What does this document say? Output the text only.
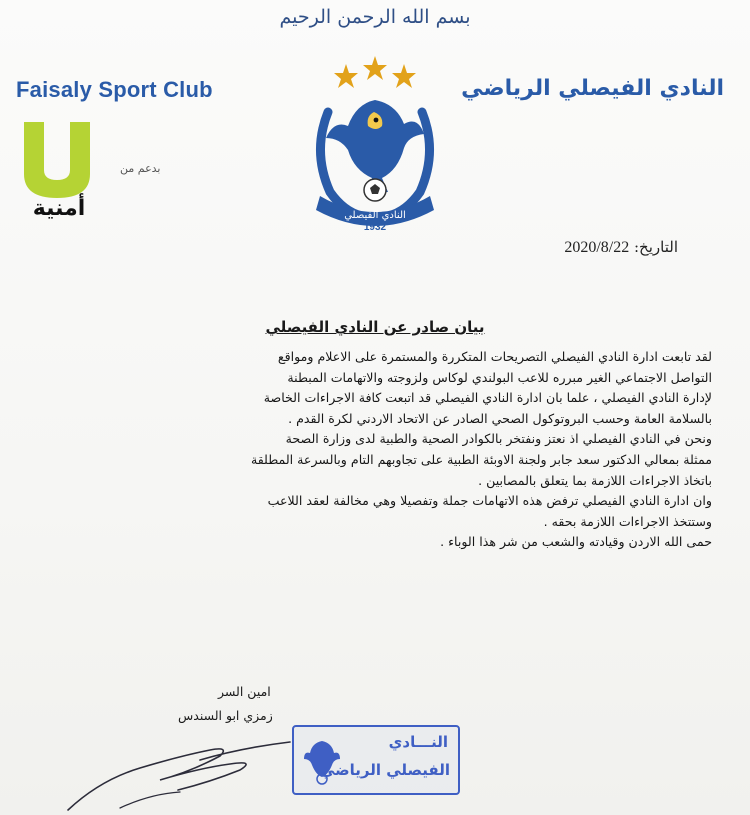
بسم الله الرحمن الرحيم
Faisaly Sport Club	النادي الفيصلي الرياضي
أمنية
بدعم من
النادي الفيصلي
1932
التاريخ: 2020/8/22
بيان صادر عن النادي الفيصلي

لقد تابعت ادارة النادي الفيصلي التصريحات المتكررة والمستمرة على الاعلام ومواقع

التواصل الاجتماعي الغير مبرره للاعب البولندي لوكاس ولزوجته والاتهامات المبطنة

لإدارة النادي الفيصلي ، علما بان ادارة النادي الفيصلي قد اتبعت كافة الاجراءات الخاصة

بالسلامة العامة وحسب البروتوكول الصحي الصادر عن الاتحاد الاردني لكرة القدم .

ونحن في النادي الفيصلي اذ نعتز ونفتخر بالكوادر الصحية والطبية لدى وزارة الصحة

ممثلة بمعالي الدكتور سعد جابر ولجنة الاوبئة الطبية على تجاوبهم التام وبالسرعة المطلقة

باتخاذ الاجراءات اللازمة بما يتعلق بالمصابين .

وان ادارة النادي الفيصلي ترفض هذه الاتهامات جملة وتفصيلا وهي مخالفة لعقد اللاعب

وستتخذ الاجراءات اللازمة بحقه .

حمى الله الاردن وقيادته والشعب من شر هذا الوباء .

امين السر
زمزي ابو السندس
النـــادي
الفيصلي الرياضي
